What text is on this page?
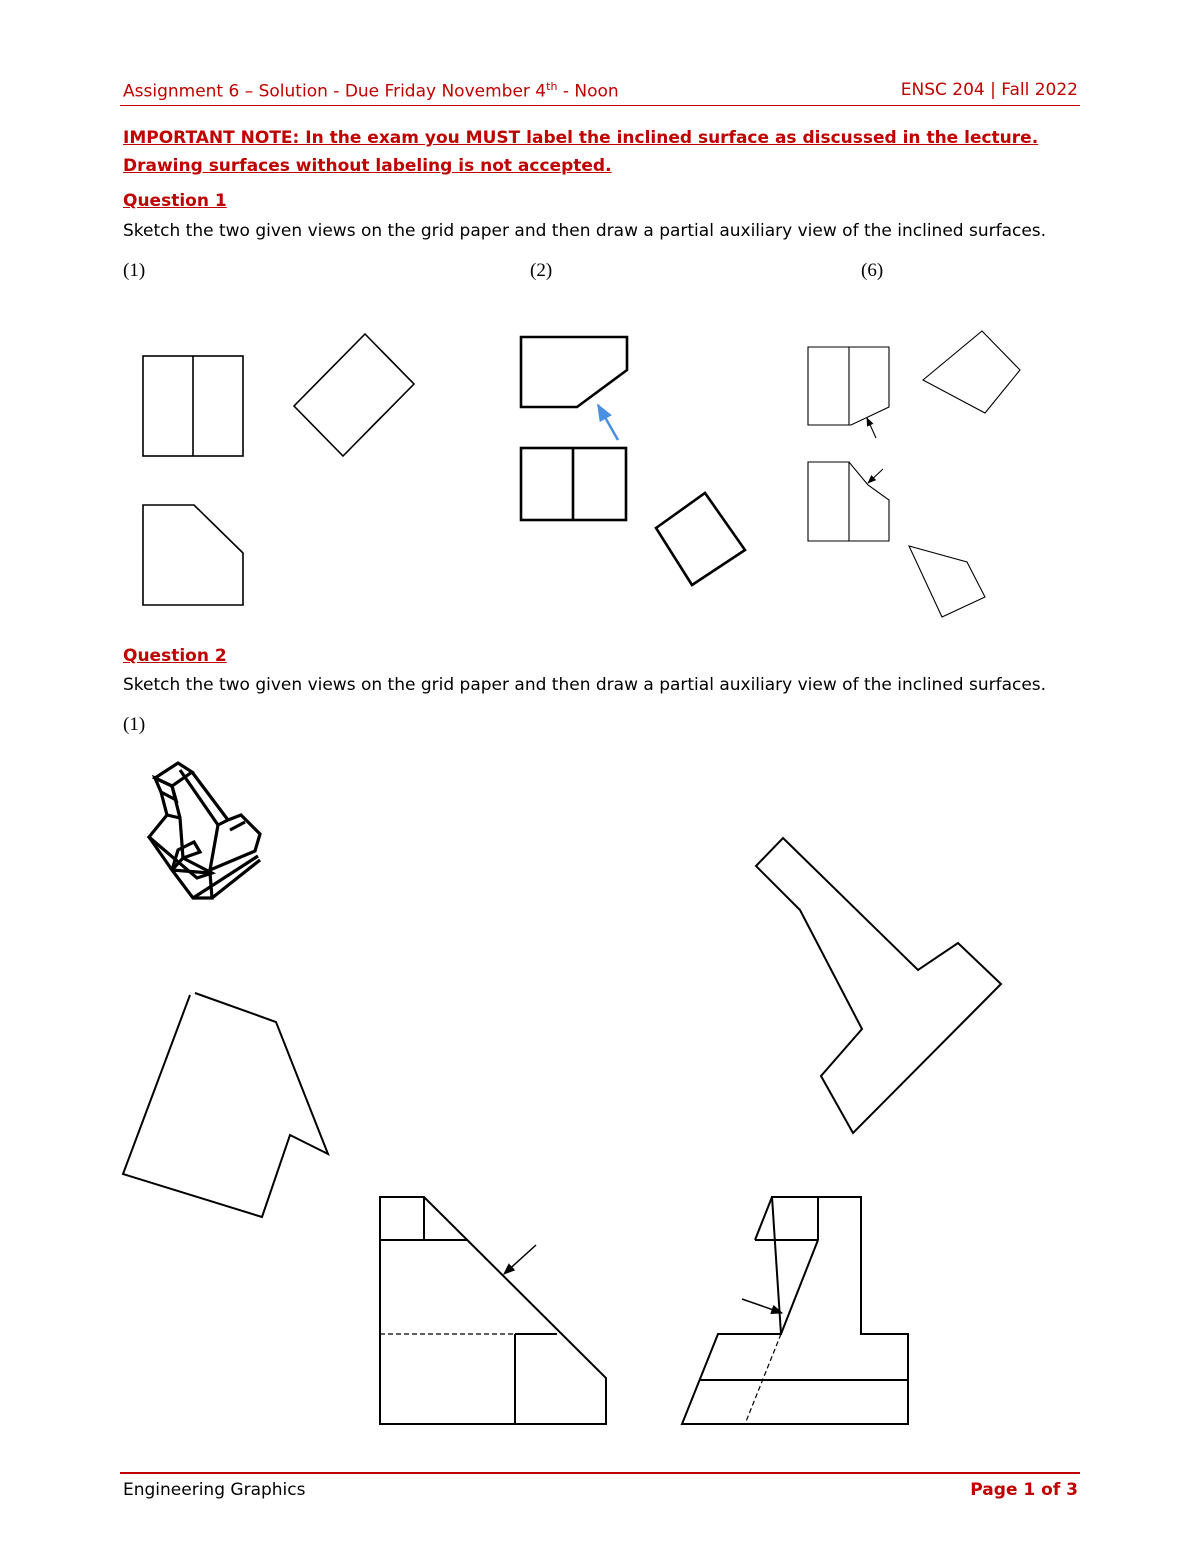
Assignment 6 – Solution - Due Friday November 4th - Noon	ENSC 204 | Fall 2022
IMPORTANT NOTE: In the exam you MUST label the inclined surface as discussed in the lecture. Drawing surfaces without labeling is not accepted.
Question 1
Sketch the two given views on the grid paper and then draw a partial auxiliary view of the inclined surfaces.
(1)	(2)	(6)
Question 2
Sketch the two given views on the grid paper and then draw a partial auxiliary view of the inclined surfaces.
(1)
Engineering Graphics	Page 1 of 3
